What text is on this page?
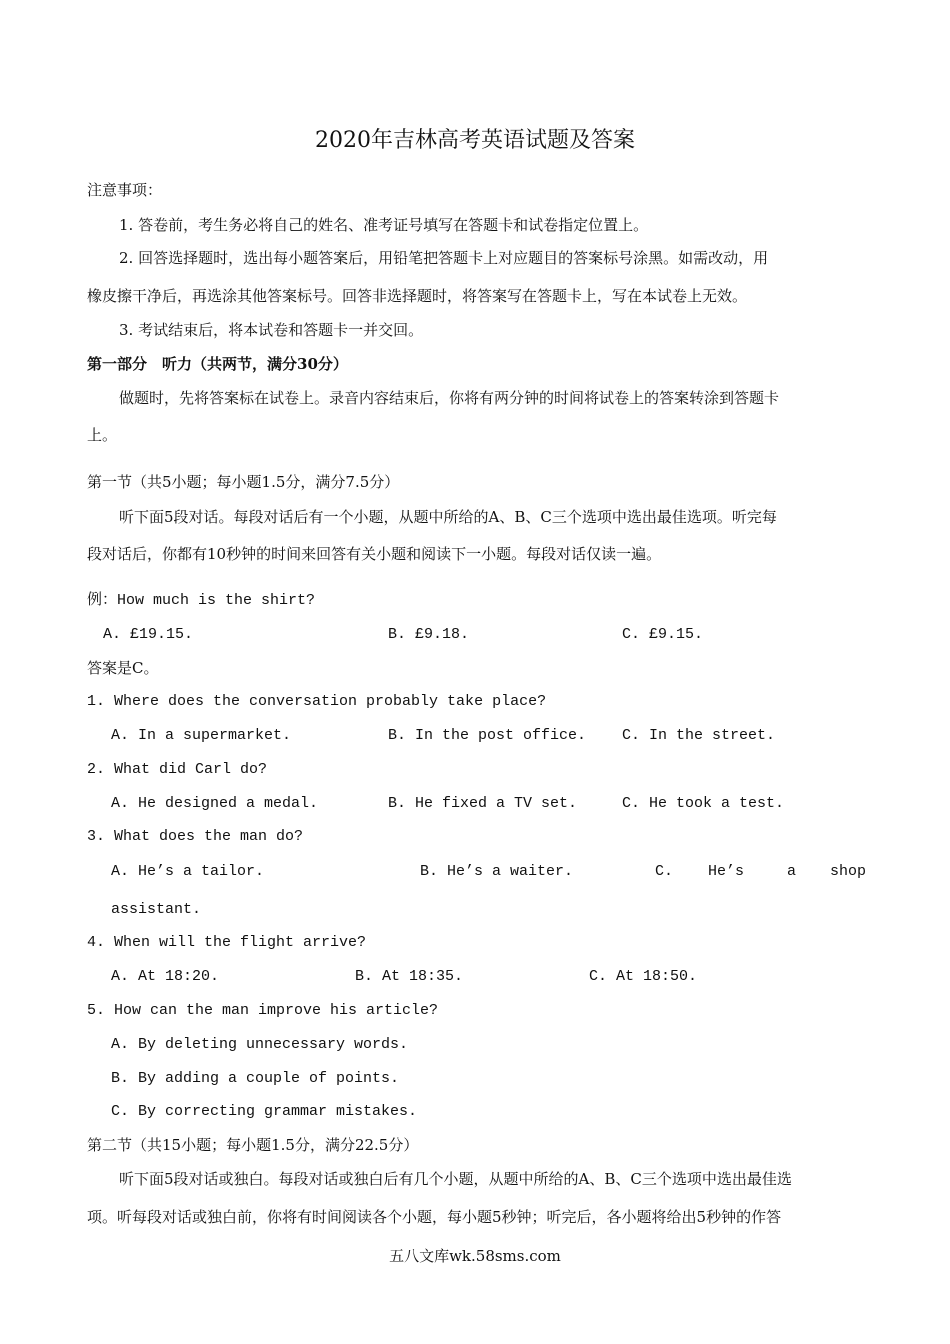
2020年吉林高考英语试题及答案
注意事项：
1. 答卷前，考生务必将自己的姓名、准考证号填写在答题卡和试卷指定位置上。
2. 回答选择题时，选出每小题答案后，用铅笔把答题卡上对应题目的答案标号涂黑。如需改动，用
橡皮擦干净后，再选涂其他答案标号。回答非选择题时，将答案写在答题卡上，写在本试卷上无效。
3. 考试结束后，将本试卷和答题卡一并交回。
第一部分　听力（共两节，满分30分）
做题时，先将答案标在试卷上。录音内容结束后，你将有两分钟的时间将试卷上的答案转涂到答题卡
上。
第一节（共5小题；每小题1.5分，满分7.5分）
听下面5段对话。每段对话后有一个小题，从题中所给的A、B、C三个选项中选出最佳选项。听完每
段对话后，你都有10秒钟的时间来回答有关小题和阅读下一小题。每段对话仅读一遍。
例：How much is the shirt?
A. £19.15.	B. £9.18.	C. £9.15.
答案是C。
1. Where does the conversation probably take place?
A. In a supermarket.	B. In the post office. C. In the street.
2. What did Carl do?
A. He designed a medal.	B. He fixed a TV set.	C. He took a test.
3. What does the man do?
A. He’s a tailor.	B. He’s a waiter.	C. He’s	a shop
assistant.
4. When will the flight arrive?
A. At 18:20.	B. At 18:35.	C. At 18:50.
5. How can the man improve his article?
A. By deleting unnecessary words.
B. By adding a couple of points.
C. By correcting grammar mistakes.
第二节（共15小题；每小题1.5分，满分22.5分）
听下面5段对话或独白。每段对话或独白后有几个小题，从题中所给的A、B、C三个选项中选出最佳选
项。听每段对话或独白前，你将有时间阅读各个小题，每小题5秒钟；听完后，各小题将给出5秒钟的作答
五八文库wk.58sms.com
